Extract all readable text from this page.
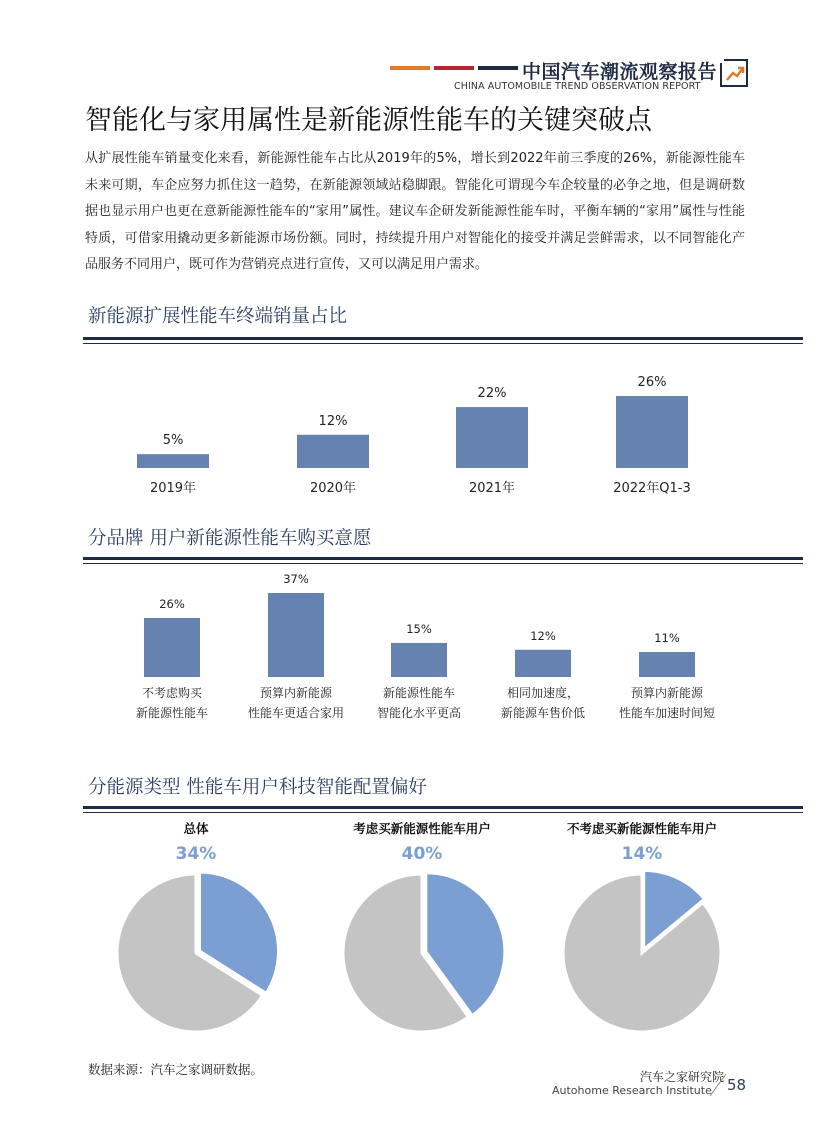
中国汽车潮流观察报告
CHINA AUTOMOBILE TREND OBSERVATION REPORT
智能化与家用属性是新能源性能车的关键突破点
从扩展性能车销量变化来看，新能源性能车占比从2019年的5%，增长到2022年前三季度的26%，新能源性能车未来可期，车企应努力抓住这一趋势，在新能源领域站稳脚跟。智能化可谓现今车企较量的必争之地，但是调研数据也显示用户也更在意新能源性能车的“家用”属性。建议车企研发新能源性能车时，平衡车辆的“家用”属性与性能特质，可借家用撬动更多新能源市场份额。同时，持续提升用户对智能化的接受并满足尝鲜需求，以不同智能化产品服务不同用户，既可作为营销亮点进行宣传，又可以满足用户需求。
新能源扩展性能车终端销量占比
5%
2019年
12%
2020年
22%
2021年
26%
2022年Q1-3
分品牌 用户新能源性能车购买意愿
26%
不考虑购买
新能源性能车
37%
预算内新能源
性能车更适合家用
15%
新能源性能车
智能化水平更高
12%
相同加速度，
新能源车售价低
11%
预算内新能源
性能车加速时间短
分能源类型 性能车用户科技智能配置偏好
总体
34%
考虑买新能源性能车用户
40%
不考虑买新能源性能车用户
14%
数据来源：汽车之家调研数据。	汽车之家研究院
Autohome Research Institute 58
